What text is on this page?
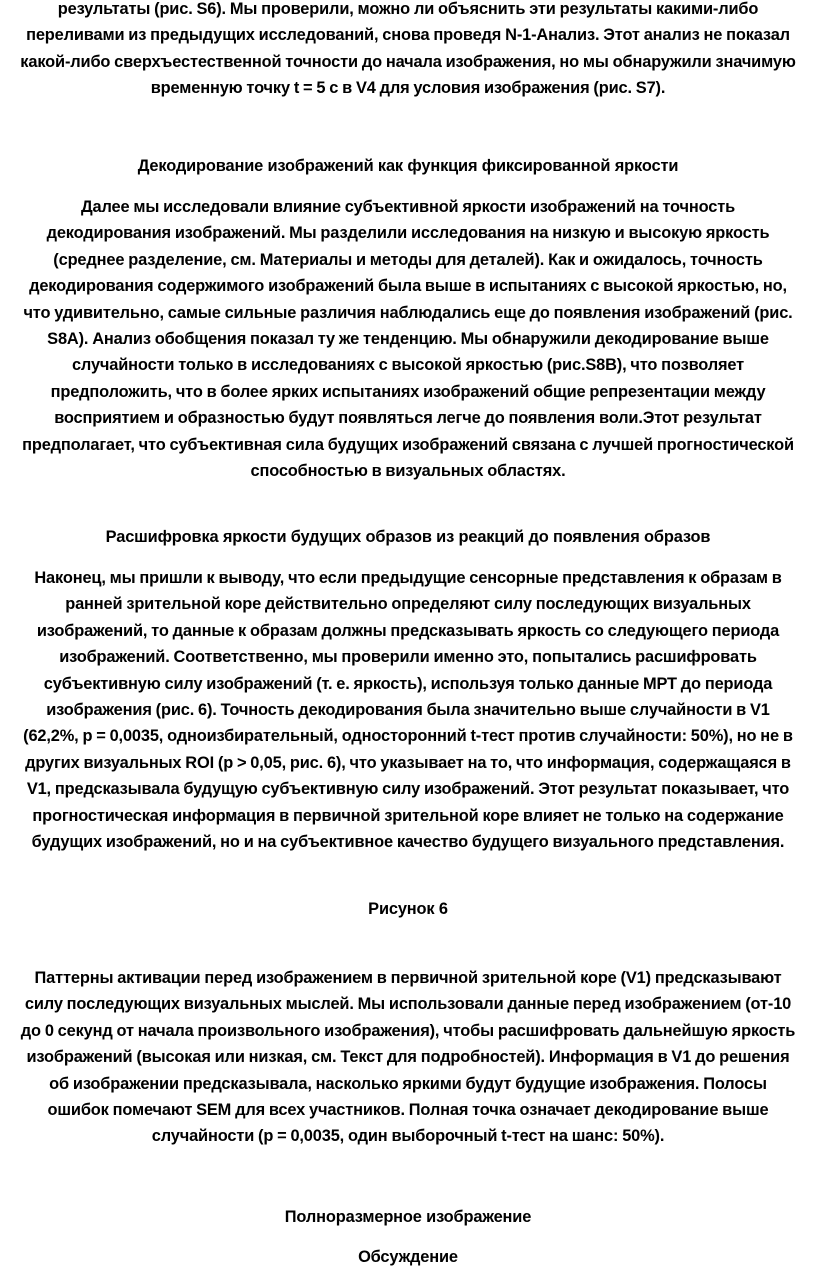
результаты (рис. S6). Мы проверили, можно ли объяснить эти результаты какими-либо
переливами из предыдущих исследований, снова проведя N-1-Анализ. Этот анализ не показал
какой-либо сверхъестественной точности до начала изображения, но мы обнаружили значимую
временную точку t = 5 с в V4 для условия изображения (рис. S7).

Декодирование изображений как функция фиксированной яркости

Далее мы исследовали влияние субъективной яркости изображений на точность
декодирования изображений. Мы разделили исследования на низкую и высокую яркость
(среднее разделение, см. Материалы и методы для деталей). Как и ожидалось, точность
декодирования содержимого изображений была выше в испытаниях с высокой яркостью, но,
что удивительно, самые сильные различия наблюдались еще до появления изображений (рис.
S8A). Анализ обобщения показал ту же тенденцию. Мы обнаружили декодирование выше
случайности только в исследованиях с высокой яркостью (рис.S8B), что позволяет
предположить, что в более ярких испытаниях изображений общие репрезентации между
восприятием и образностью будут появляться легче до появления воли.Этот результат
предполагает, что субъективная сила будущих изображений связана с лучшей прогностической
способностью в визуальных областях.

Расшифровка яркости будущих образов из реакций до появления образов

Наконец, мы пришли к выводу, что если предыдущие сенсорные представления к образам в
ранней зрительной коре действительно определяют силу последующих визуальных
изображений, то данные к образам должны предсказывать яркость со следующего периода
изображений. Соответственно, мы проверили именно это, попытались расшифровать
субъективную силу изображений (т. е. яркость), используя только данные МРТ до периода
изображения (рис. 6). Точность декодирования была значительно выше случайности в V1
(62,2%, p = 0,0035, одноизбирательный, односторонний t-тест против случайности: 50%), но не в
других визуальных ROI (p > 0,05, рис. 6), что указывает на то, что информация, содержащаяся в
V1, предсказывала будущую субъективную силу изображений. Этот результат показывает, что
прогностическая информация в первичной зрительной коре влияет не только на содержание
будущих изображений, но и на субъективное качество будущего визуального представления.

Рисунок 6

Паттерны активации перед изображением в первичной зрительной коре (V1) предсказывают
силу последующих визуальных мыслей. Мы использовали данные перед изображением (от-10
до 0 секунд от начала произвольного изображения), чтобы расшифровать дальнейшую яркость
изображений (высокая или низкая, см. Текст для подробностей). Информация в V1 до решения
об изображении предсказывала, насколько яркими будут будущие изображения. Полосы
ошибок помечают SEM для всех участников. Полная точка означает декодирование выше
случайности (p = 0,0035, один выборочный t-тест на шанс: 50%).

Полноразмерное изображение
Обсуждение
